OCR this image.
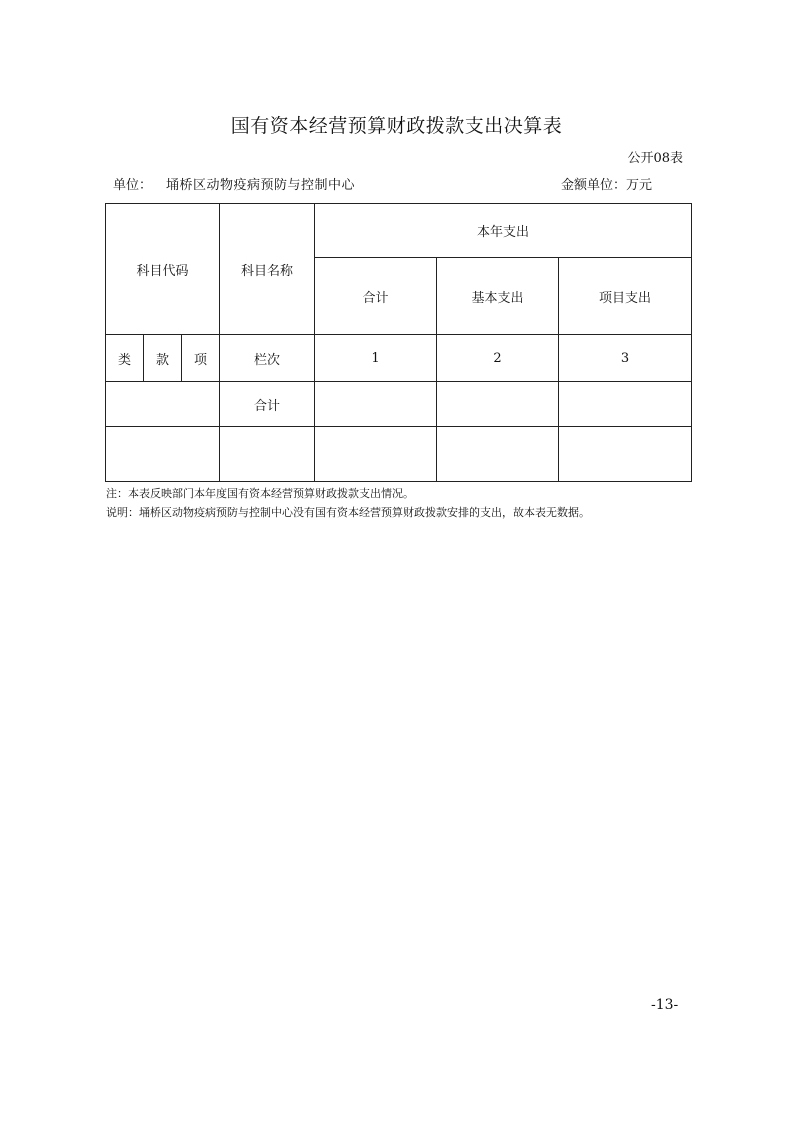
国有资本经营预算财政拨款支出决算表
公开08表
单位： 埇桥区动物疫病预防与控制中心	金额单位：万元
科目代码			科目名称	本年支出		
				合计	基本支出	项目支出
类	款	项	栏次	1	2	3
			合计			

注：本表反映部门本年度国有资本经营预算财政拨款支出情况。
说明：埇桥区动物疫病预防与控制中心没有国有资本经营预算财政拨款安排的支出，故本表无数据。
-13-
